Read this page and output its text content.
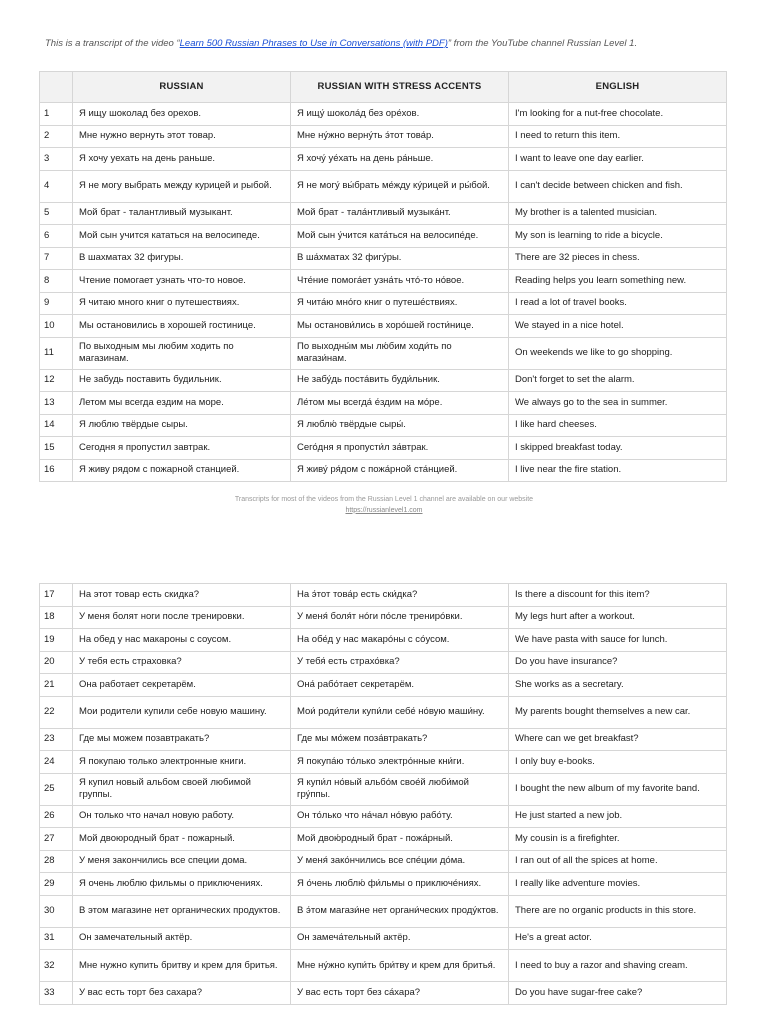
This is a transcript of the video “Learn 500 Russian Phrases to Use in Conversations (with PDF)” from the YouTube channel Russian Level 1.
	RUSSIAN	RUSSIAN WITH STRESS ACCENTS	ENGLISH
1	Я ищу шоколад без орехов.	Я ищу́ шокола́д без оре́хов.	I'm looking for a nut-free chocolate.
2	Мне нужно вернуть этот товар.	Мне ну́жно верну́ть э́тот това́р.	I need to return this item.
3	Я хочу уехать на день раньше.	Я хочу́ уе́хать на день ра́ньше.	I want to leave one day earlier.
4	Я не могу выбрать между курицей и рыбой.	Я не могу́ вы́брать ме́жду ку́рицей и ры́бой.	I can't decide between chicken and fish.
5	Мой брат - талантливый музыкант.	Мой брат - тала́нтливый музыка́нт.	My brother is a talented musician.
6	Мой сын учится кататься на велосипеде.	Мой сын у́чится ката́ться на велосипе́де.	My son is learning to ride a bicycle.
7	В шахматах 32 фигуры.	В ша́хматах 32 фигу́ры.	There are 32 pieces in chess.
8	Чтение помогает узнать что-то новое.	Чте́ние помога́ет узна́ть что́-то но́вое.	Reading helps you learn something new.
9	Я читаю много книг о путешествиях.	Я чита́ю мно́го книг о путеше́ствиях.	I read a lot of travel books.
10	Мы остановились в хорошей гостинице.	Мы останови́лись в хоро́шей гости́нице.	We stayed in a nice hotel.
11	По выходным мы любим ходить по магазинам.	По выходны́м мы лю́бим ходи́ть по магази́нам.	On weekends we like to go shopping.
12	Не забудь поставить будильник.	Не забу́дь поста́вить буди́льник.	Don't forget to set the alarm.
13	Летом мы всегда ездим на море.	Ле́том мы всегда́ е́здим на мо́ре.	We always go to the sea in summer.
14	Я люблю твёрдые сыры.	Я люблю́ твёрдые сыры́.	I like hard cheeses.
15	Сегодня я пропустил завтрак.	Сего́дня я пропусти́л за́втрак.	I skipped breakfast today.
16	Я живу рядом с пожарной станцией.	Я живу́ ря́дом с пожа́рной ста́нцией.	I live near the fire station.
Transcripts for most of the videos from the Russian Level 1 channel are available on our website
https://russianlevel1.com
17	На этот товар есть скидка?	На э́тот това́р есть ски́дка?	Is there a discount for this item?
18	У меня болят ноги после тренировки.	У меня́ боля́т но́ги по́сле трениро́вки.	My legs hurt after a workout.
19	На обед у нас макароны с соусом.	На обе́д у нас макаро́ны с со́усом.	We have pasta with sauce for lunch.
20	У тебя есть страховка?	У тебя́ есть страхо́вка?	Do you have insurance?
21	Она работает секретарём.	Она́ рабо́тает секретарём.	She works as a secretary.
22	Мои родители купили себе новую машину.	Мои́ роди́тели купи́ли себе́ но́вую маши́ну.	My parents bought themselves a new car.
23	Где мы можем позавтракать?	Где мы мо́жем поза́втракать?	Where can we get breakfast?
24	Я покупаю только электронные книги.	Я покупа́ю то́лько электро́нные кни́ги.	I only buy e-books.
25	Я купил новый альбом своей любимой группы.	Я купи́л но́вый альбо́м свое́й люби́мой гру́ппы.	I bought the new album of my favorite band.
26	Он только что начал новую работу.	Он то́лько что на́чал но́вую рабо́ту.	He just started a new job.
27	Мой двоюродный брат - пожарный.	Мой двою́родный брат - пожа́рный.	My cousin is a firefighter.
28	У меня закончились все специи дома.	У меня́ зако́нчились все спе́ции до́ма.	I ran out of all the spices at home.
29	Я очень люблю фильмы о приключениях.	Я о́чень люблю́ фи́льмы о приключе́ниях.	I really like adventure movies.
30	В этом магазине нет органических продуктов.	В э́том магази́не нет органи́ческих проду́ктов.	There are no organic products in this store.
31	Он замечательный актёр.	Он замеча́тельный актёр.	He's a great actor.
32	Мне нужно купить бритву и крем для бритья.	Мне ну́жно купи́ть бри́тву и крем для бритья́.	I need to buy a razor and shaving cream.
33	У вас есть торт без сахара?	У вас есть торт без са́хара?	Do you have sugar-free cake?
